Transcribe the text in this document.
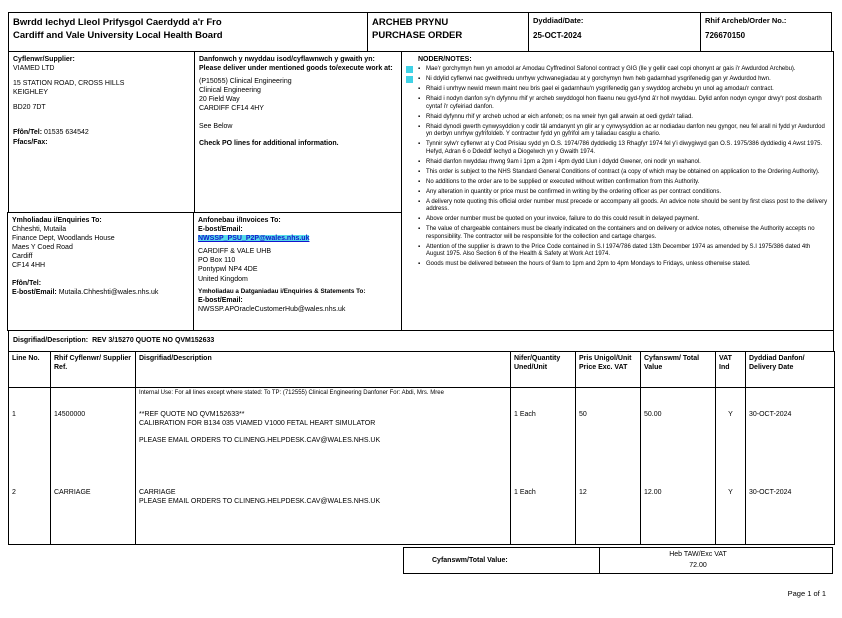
Bwrdd Iechyd Lleol Prifysgol Caerdydd a'r Fro
Cardiff and Vale University Local Health Board
ARCHEB PRYNU
PURCHASE ORDER
Dyddiad/Date:
25-OCT-2024
Rhif Archeb/Order No.:
726670150
Cyflenwr/Supplier:
VIAMED LTD
15 STATION ROAD, CROSS HILLS
KEIGHLEY
BD20 7DT
Ffôn/Tel: 01535 634542
Ffacs/Fax:
Ymholiadau i/Enquiries To:
Chheshti, Mutaila
Finance Dept, Woodlands House
Maes Y Coed Road
Cardiff
CF14 4HH
Ffôn/Tel:
E-bost/Email: Mutaila.Chheshti@wales.nhs.uk
Danfonwch y nwyddau isod/cyflawnwch y gwaith yn:
Please deliver under mentioned goods to/execute work at:
(P15055) Clinical Engineering
Clinical Engineering
20 Field Way
CARDIFF CF14 4HY
See Below
Check PO lines for additional information.
Anfonebau i/Invoices To:
E-bost/Email:
NWSSP_PSU_P2P@wales.nhs.uk
CARDIFF & VALE UHB
PO Box 110
Pontypwl NP4 4DE
United Kingdom
Ymholiadau a Datganiadau i/Enquiries & Statements To:
E-bost/Email:
NWSSP.APOracleCustomerHub@wales.nhs.uk
NODER/NOTES:
▪ Mae'r gorchymyn hwn yn amodol ar Amodau Cyffredinol Safonol contract y GIG (lle y gellir cael copi ohonynt ar gais i'r Awdurdod Archebu).
▪ Ni ddylid cyflenwi nac gweithredu unrhyw ychwanegiadau at y gorchymyn hwn heb gadarnhad ysgrifenedig gan yr Awdurdod hwn.
▪ Rhaid i unrhyw newid mewn maint neu bris gael ei gadarnhau'n ysgrifenedig gan y swyddog archebu yn unol ag amodau'r contract.
▪ Rhaid i nodyn danfon sy'n dyfynnu rhif yr archeb swyddogol hon flaenu neu gyd-fynd â'r holl nwyddau. Dylid anfon nodyn cyngor drwy'r post dosbarth cyntaf i'r cyfeiriad danfon.
▪ Rhaid dyfynnu rhif yr archeb uchod ar eich anfoneb; os na wneir hyn gall arwain at oedi gyda'r taliad.
▪ Rhaid dynodi gwerth cynwysyddion y codir tâl amdanynt yn glir ar y cynwysyddion ac ar nodiadau danfon neu gyngor, neu fel arall ni fydd yr Awdurdod yn derbyn unrhyw gyfrifoldeb. Y contractwr fydd yn gyfrifol am y taliadau casglu a chario.
▪ Tynnir sylw'r cyflenwr at y Cod Prisiau sydd yn O.S. 1974/786 dyddiedig 13 Rhagfyr 1974 fel y'i diwygiwyd gan O.S. 1975/386 dyddiedig 4 Awst 1975. Hefyd, Adran 6 o Ddeddf Iechyd a Diogelwch yn y Gwaith 1974.
▪ Rhaid danfon nwyddau rhwng 9am i 1pm a 2pm i 4pm dydd Llun i ddydd Gwener, oni nodir yn wahanol.
▪ This order is subject to the NHS Standard General Conditions of contract (a copy of which may be obtained on application to the Ordering Authority).
▪ No additions to the order are to be supplied or executed without written confirmation from this Authority.
▪ Any alteration in quantity or price must be confirmed in writing by the ordering officer as per contract conditions.
▪ A delivery note quoting this official order number must precede or accompany all goods. An advice note should be sent by first class post to the delivery address.
▪ Above order number must be quoted on your invoice, failure to do this could result in delayed payment.
▪ The value of chargeable containers must be clearly indicated on the containers and on delivery or advice notes, otherwise the Authority accepts no responsibility. The contractor will be responsible for the collection and cartage charges.
▪ Attention of the supplier is drawn to the Price Code contained in S.I 1974/786 dated 13th December 1974 as amended by S.I 1975/386 dated 4th August 1975. Also Section 6 of the Health & Safety at Work Act 1974.
▪ Goods must be delivered between the hours of 9am to 1pm and 2pm to 4pm Mondays to Fridays, unless otherwise stated.
Disgrifiad/Description: REV 3/15270 QUOTE NO QVM152633
Line No.	Rhif Cyflenwr/ Supplier Ref.	Disgrifiad/Description	Nifer/Quantity Uned/Unit	Pris Unigol/Unit Price Exc. VAT	Cyfanswm/ Total Value	VAT Ind	Dyddiad Danfon/ Delivery Date
		Internal Use: For all lines except where stated: To TP: (712555) Clinical Engineering Danfoner For: Abdi, Mrs. Mree					
1	14500000	**REF QUOTE NO QVM152633**
CALIBRATION FOR B134 035 VIAMED V1000 FETAL HEART SIMULATOR
PLEASE EMAIL ORDERS TO CLINENG.HELPDESK.CAV@WALES.NHS.UK	1 Each	50	50.00	Y	30-OCT-2024
2	CARRIAGE	CARRIAGE
PLEASE EMAIL ORDERS TO CLINENG.HELPDESK.CAV@WALES.NHS.UK	1 Each	12	12.00	Y	30-OCT-2024

Cyfanswm/Total Value:
Heb TAW/Exc VAT
72.00
Page 1 of 1
